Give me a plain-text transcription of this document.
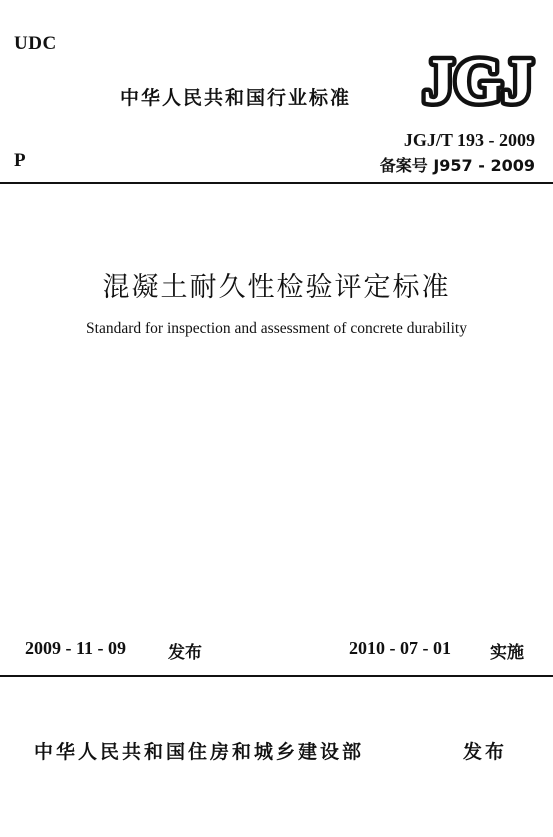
UDC
中华人民共和国行业标准 JGJ
JGJ/T 193 - 2009
备案号 J957 - 2009
P
混凝土耐久性检验评定标准
Standard for inspection and assessment of concrete durability
2009 - 11 - 09 发布	2010 - 07 - 01 实施
中华人民共和国住房和城乡建设部	发布
